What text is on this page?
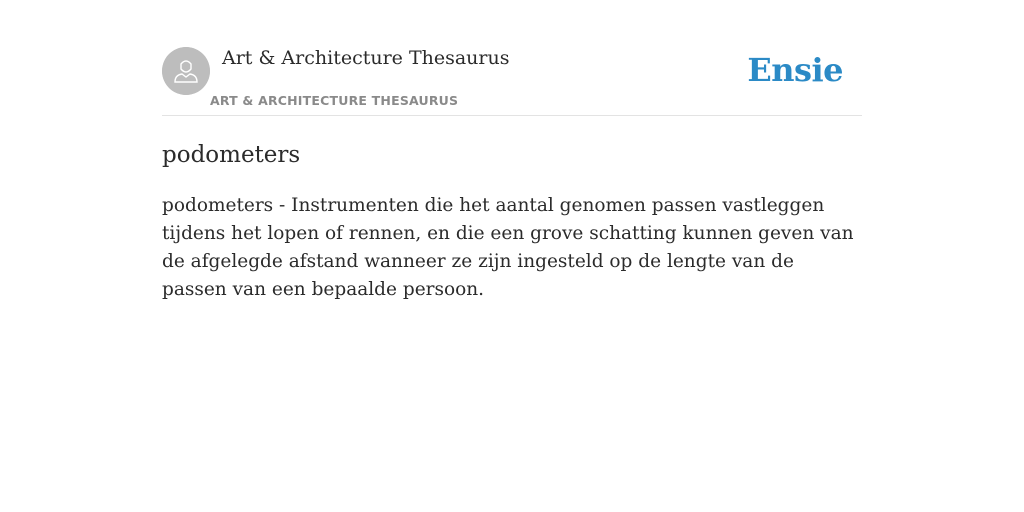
Art & Architecture Thesaurus
ART & ARCHITECTURE THESAURUS
Ensie
podometers

podometers - Instrumenten die het aantal genomen passen vastleggen tijdens het lopen of rennen, en die een grove schatting kunnen geven van de afgelegde afstand wanneer ze zijn ingesteld op de lengte van de passen van een bepaalde persoon.
